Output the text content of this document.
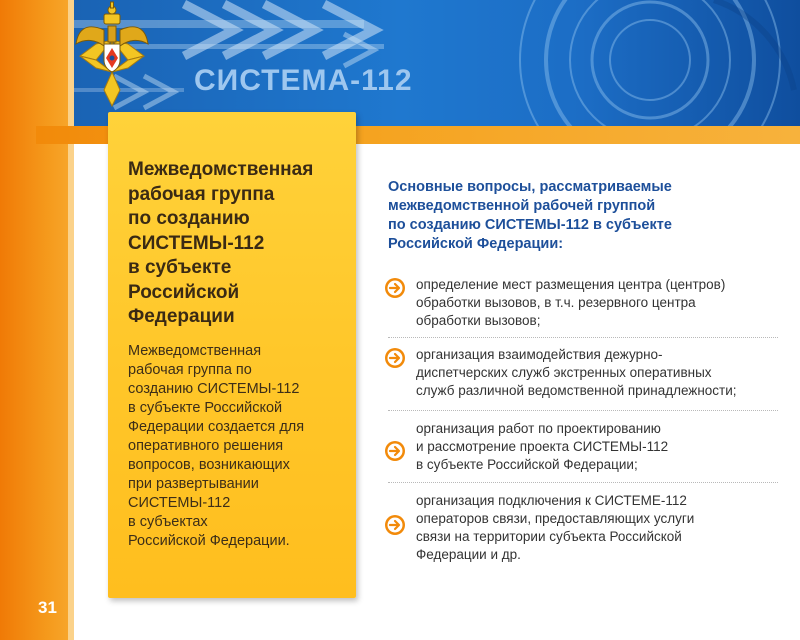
СИСТЕМА-112
Межведомственная
рабочая группа
по созданию
СИСТЕМЫ-112
в субъекте
Российской
Федерации
Межведомственная
рабочая группа по
созданию СИСТЕМЫ-112
в субъекте Российской
Федерации создается для
оперативного решения
вопросов, возникающих
при развертывании
СИСТЕМЫ-112
в субъектах
Российской Федерации.
Основные вопросы, рассматриваемые
межведомственной рабочей группой
по созданию СИСТЕМЫ-112 в субъекте
Российской Федерации:
определение мест размещения центра (центров)
обработки вызовов, в т.ч. резервного центра
обработки вызовов;
организация взаимодействия дежурно-
диспетчерских служб экстренных оперативных
служб различной ведомственной принадлежности;
организация работ по проектированию
и рассмотрение проекта СИСТЕМЫ-112
в субъекте Российской Федерации;
организация подключения к СИСТЕМЕ-112
операторов связи, предоставляющих услуги
связи на территории субъекта Российской
Федерации и др.
31
